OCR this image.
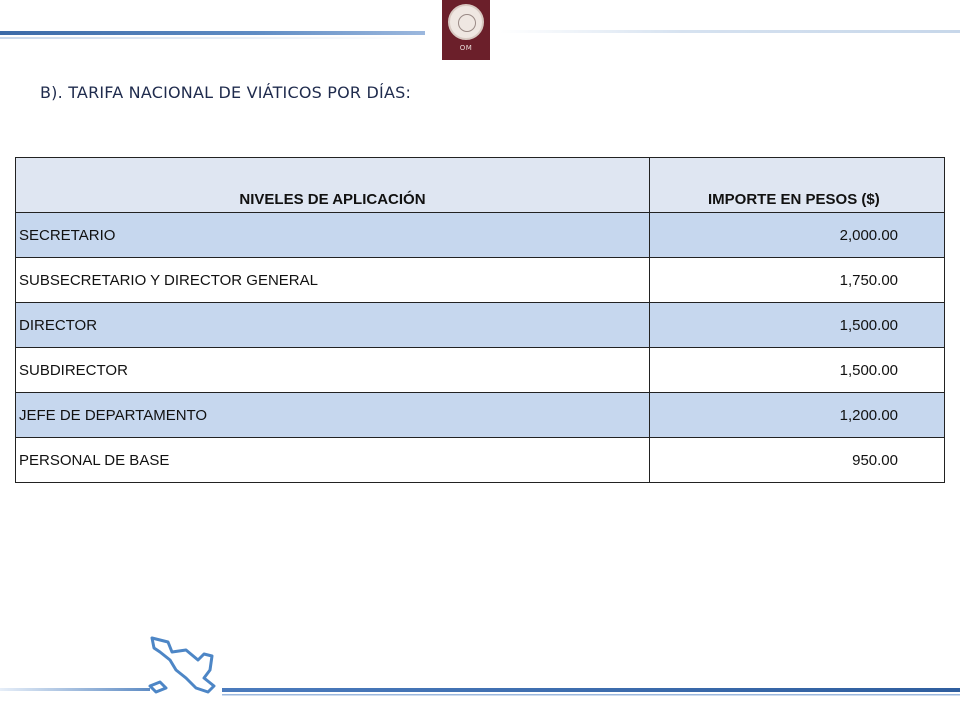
OM
B). TARIFA NACIONAL DE VIÁTICOS POR DÍAS:
NIVELES DE APLICACIÓN	IMPORTE EN PESOS ($)
SECRETARIO	2,000.00
SUBSECRETARIO Y DIRECTOR GENERAL	1,750.00
DIRECTOR	1,500.00
SUBDIRECTOR	1,500.00
JEFE DE DEPARTAMENTO	1,200.00
PERSONAL DE BASE	950.00
